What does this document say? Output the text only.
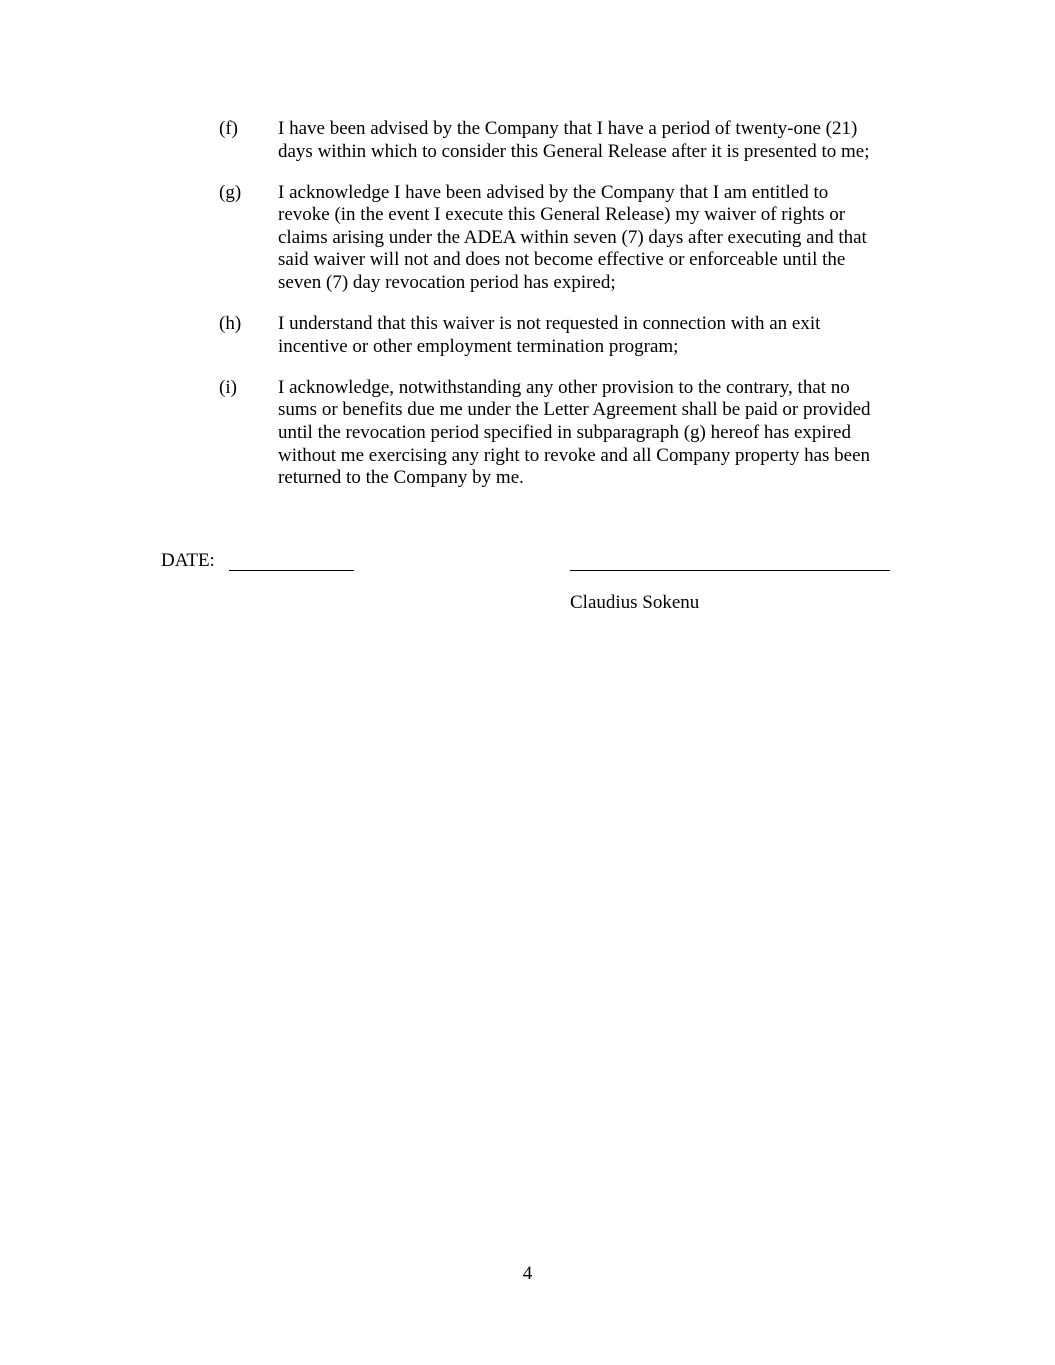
(f)	I have been advised by the Company that I have a period of twenty-one (21)
days within which to consider this General Release after it is presented to me;
(g)	I acknowledge I have been advised by the Company that I am entitled to
revoke (in the event I execute this General Release) my waiver of rights or
claims arising under the ADEA within seven (7) days after executing and that
said waiver will not and does not become effective or enforceable until the
seven (7) day revocation period has expired;
(h)	I understand that this waiver is not requested in connection with an exit
incentive or other employment termination program;
(i)	I acknowledge, notwithstanding any other provision to the contrary, that no
sums or benefits due me under the Letter Agreement shall be paid or provided
until the revocation period specified in subparagraph (g) hereof has expired
without me exercising any right to revoke and all Company property has been
returned to the Company by me.
DATE:
Claudius Sokenu
4
